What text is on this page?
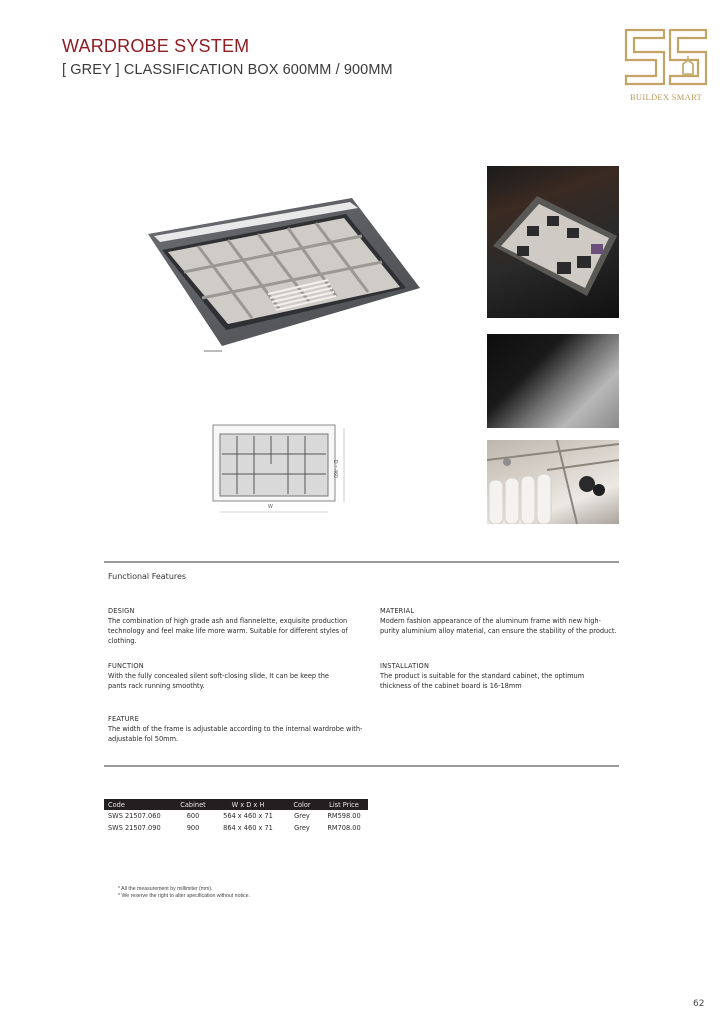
WARDROBE SYSTEM
[ GREY ] CLASSIFICATION BOX 600MM / 900MM
BUILDEX SMART
W
D = 460
Functional Features
DESIGN
The combination of high grade ash and flannelette, exquisite production technology and feel make life more warm. Suitable for different styles of clothing.
MATERIAL
Modern fashion appearance of the aluminum frame with new high-purity aluminium alloy material, can ensure the stability of the product.
FUNCTION
With the fully concealed silent soft-closing slide, It can be keep the pants rack running smoothty.
INSTALLATION
The product is suitable for the standard cabinet, the optimum thickness of the cabinet board is 16-18mm
FEATURE
The width of the frame is adjustable according to the internal wardrobe with-adjustable fol 50mm.
Code	Cabinet	W x D x H	Color	List Price
SWS 21507.060	600	564 x 460 x 71	Grey	RM598.00
SWS 21507.090	900	864 x 460 x 71	Grey	RM708.00
* All the measurement by millimiter (mm).
* We reserve the right to alter specification without notice.
62
